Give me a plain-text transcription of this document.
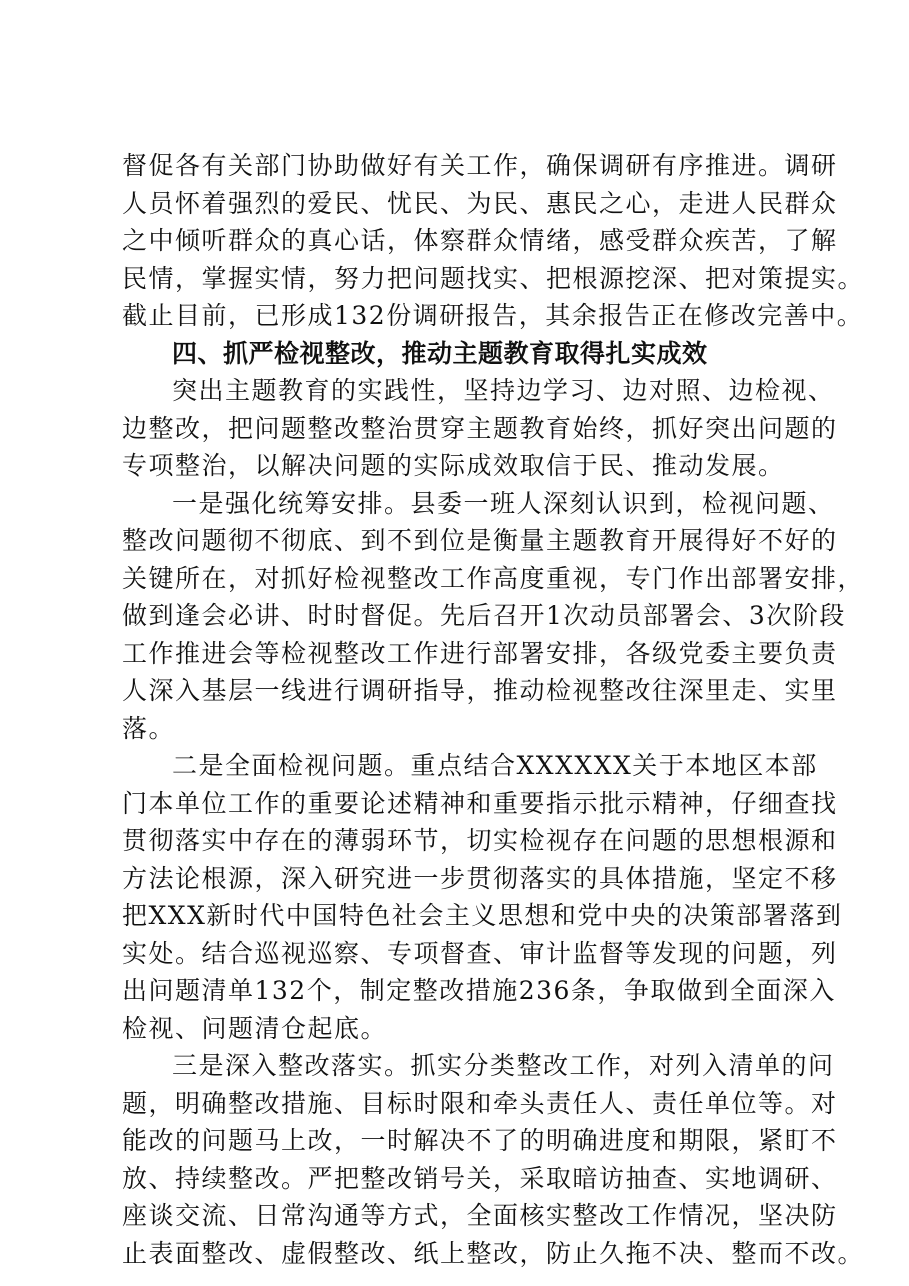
督促各有关部门协助做好有关工作，确保调研有序推进。调研
人员怀着强烈的爱民、忧民、为民、惠民之心，走进人民群众
之中倾听群众的真心话，体察群众情绪，感受群众疾苦，了解
民情，掌握实情，努力把问题找实、把根源挖深、把对策提实。
截止目前，已形成132份调研报告，其余报告正在修改完善中。
四、抓严检视整改，推动主题教育取得扎实成效
突出主题教育的实践性，坚持边学习、边对照、边检视、
边整改，把问题整改整治贯穿主题教育始终，抓好突出问题的
专项整治，以解决问题的实际成效取信于民、推动发展。
一是强化统筹安排。县委一班人深刻认识到，检视问题、
整改问题彻不彻底、到不到位是衡量主题教育开展得好不好的
关键所在，对抓好检视整改工作高度重视，专门作出部署安排，
做到逢会必讲、时时督促。先后召开1次动员部署会、3次阶段
工作推进会等检视整改工作进行部署安排，各级党委主要负责
人深入基层一线进行调研指导，推动检视整改往深里走、实里
落。
二是全面检视问题。重点结合XXXXXX关于本地区本部
门本单位工作的重要论述精神和重要指示批示精神，仔细查找
贯彻落实中存在的薄弱环节，切实检视存在问题的思想根源和
方法论根源，深入研究进一步贯彻落实的具体措施，坚定不移
把XXX新时代中国特色社会主义思想和党中央的决策部署落到
实处。结合巡视巡察、专项督查、审计监督等发现的问题，列
出问题清单132个，制定整改措施236条，争取做到全面深入
检视、问题清仓起底。
三是深入整改落实。抓实分类整改工作，对列入清单的问
题，明确整改措施、目标时限和牵头责任人、责任单位等。对
能改的问题马上改，一时解决不了的明确进度和期限，紧盯不
放、持续整改。严把整改销号关，采取暗访抽查、实地调研、
座谈交流、日常沟通等方式，全面核实整改工作情况，坚决防
止表面整改、虚假整改、纸上整改，防止久拖不决、整而不改。
